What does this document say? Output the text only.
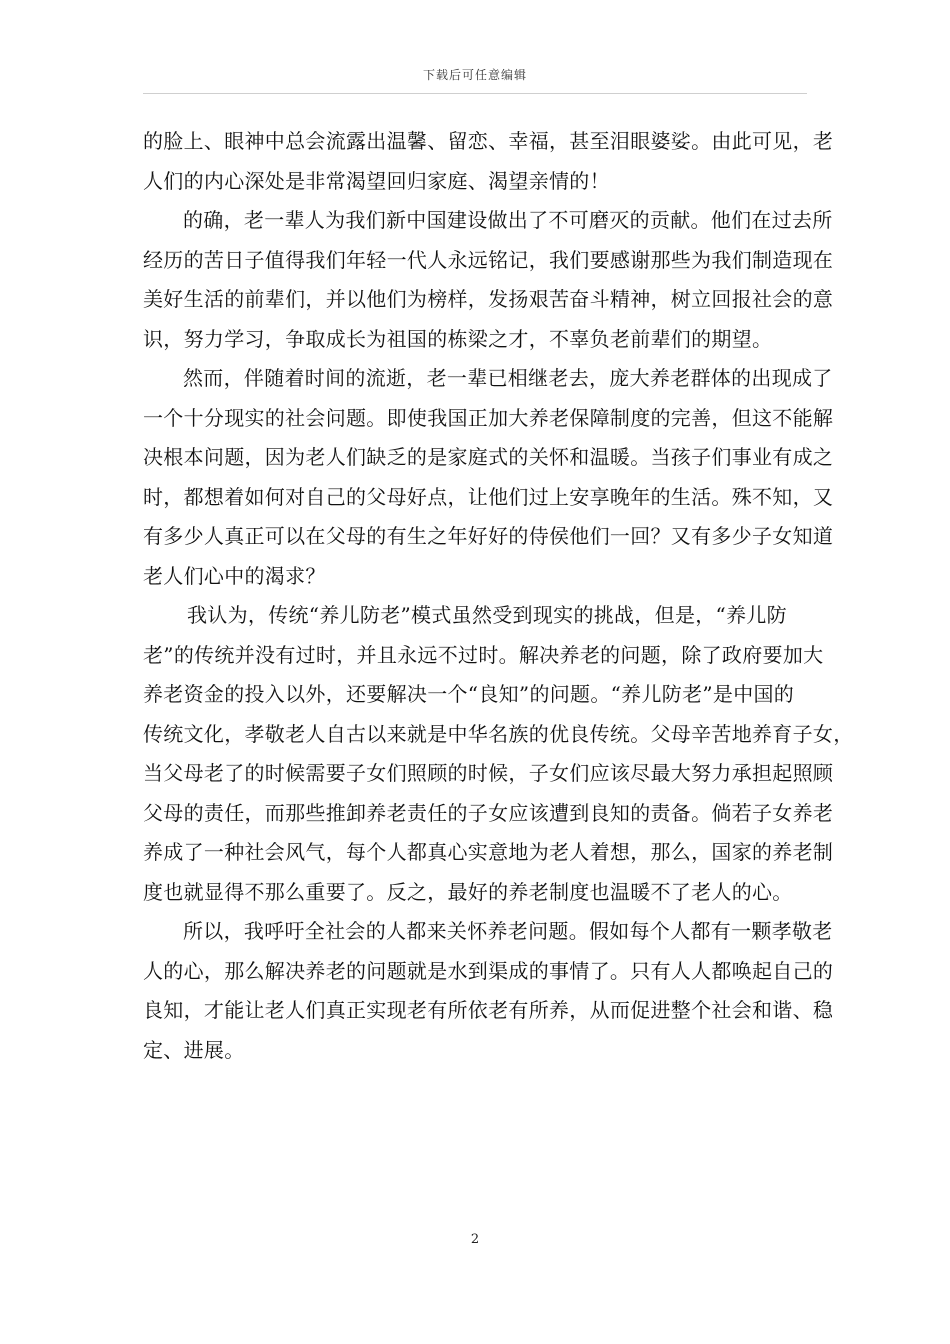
下载后可任意编辑
的脸上、眼神中总会流露出温馨、留恋、幸福，甚至泪眼婆娑。由此可见，老
人们的内心深处是非常渴望回归家庭、渴望亲情的！
的确，老一辈人为我们新中国建设做出了不可磨灭的贡献。他们在过去所
经历的苦日子值得我们年轻一代人永远铭记，我们要感谢那些为我们制造现在
美好生活的前辈们，并以他们为榜样，发扬艰苦奋斗精神，树立回报社会的意
识，努力学习，争取成长为祖国的栋梁之才，不辜负老前辈们的期望。
然而，伴随着时间的流逝，老一辈已相继老去，庞大养老群体的出现成了
一个十分现实的社会问题。即使我国正加大养老保障制度的完善，但这不能解
决根本问题，因为老人们缺乏的是家庭式的关怀和温暖。当孩子们事业有成之
时，都想着如何对自己的父母好点，让他们过上安享晚年的生活。殊不知，又
有多少人真正可以在父母的有生之年好好的侍侯他们一回？又有多少子女知道
老人们心中的渴求？
我认为，传统“养儿防老”模式虽然受到现实的挑战，但是，“养儿防
老”的传统并没有过时，并且永远不过时。解决养老的问题，除了政府要加大
养老资金的投入以外，还要解决一个“良知”的问题。“养儿防老”是中国的
传统文化，孝敬老人自古以来就是中华名族的优良传统。父母辛苦地养育子女，
当父母老了的时候需要子女们照顾的时候，子女们应该尽最大努力承担起照顾
父母的责任，而那些推卸养老责任的子女应该遭到良知的责备。倘若子女养老
养成了一种社会风气，每个人都真心实意地为老人着想，那么，国家的养老制
度也就显得不那么重要了。反之，最好的养老制度也温暖不了老人的心。
所以，我呼吁全社会的人都来关怀养老问题。假如每个人都有一颗孝敬老
人的心，那么解决养老的问题就是水到渠成的事情了。只有人人都唤起自己的
良知，才能让老人们真正实现老有所依老有所养，从而促进整个社会和谐、稳
定、进展。
2
